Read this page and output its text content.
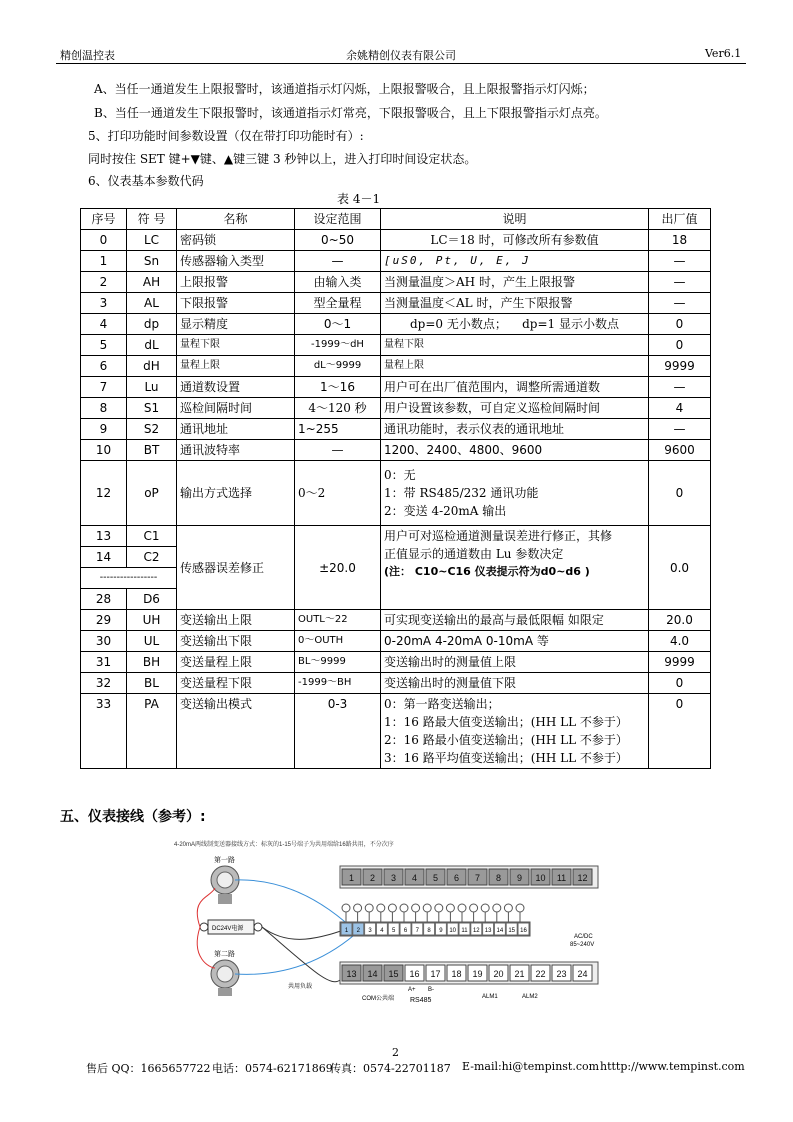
精创温控表	余姚精创仪表有限公司	Ver6.1
A、当任一通道发生上限报警时，该通道指示灯闪烁，上限报警吸合，且上限报警指示灯闪烁；
B、当任一通道发生下限报警时，该通道指示灯常亮，下限报警吸合，且上下限报警指示灯点亮。
5、打印功能时间参数设置（仅在带打印功能时有）:
同时按住 SET 键+▼键、▲键三键 3 秒钟以上，进入打印时间设定状态。
6、仪表基本参数代码
表 4－1
序号	符 号	名称	设定范围	说明	出厂值
0	LC	密码锁	0~50	LC＝18 时，可修改所有参数值	18
1	Sn	传感器输入类型	—	[uS0, Pt, U, E, J	—
2	AH	上限报警	由输入类	当测量温度＞AH 时，产生上限报警	—
3	AL	下限报警	型全量程	当测量温度＜AL 时，产生下限报警	—
4	dp	显示精度	0～1	dp=0 无小数点；    dp=1 显示小数点	0
5	dL	量程下限	-1999～dH	量程下限	0
6	dH	量程上限	dL～9999	量程上限	9999
7	Lu	通道数设置	1～16	用户可在出厂值范围内，调整所需通道数	—
8	S1	巡检间隔时间	4～120 秒	用户设置该参数，可自定义巡检间隔时间	4
9	S2	通讯地址	1~255	通讯功能时，表示仪表的通讯地址	—
10	BT	通讯波特率	—	1200、2400、4800、9600	9600
12	oP	输出方式选择	0～2	0：无
1：带 RS485/232 通讯功能
2：变送 4-20mA 输出	0
13	C1	传感器误差修正	±20.0	用户可对巡检通道测量误差进行修正，其修
正值显示的通道数由 Lu 参数决定
(注： C10~C16 仪表提示符为d0~d6 )	0.0
14	C2				
-----------------					
28	D6				
29	UH	变送输出上限	OUTL～22	可实现变送输出的最高与最低限幅 如限定	20.0
30	UL	变送输出下限	0～OUTH	0-20mA 4-20mA 0-10mA 等	4.0
31	BH	变送量程上限	BL～9999	变送输出时的测量值上限	9999
32	BL	变送量程下限	-1999～BH	变送输出时的测量值下限	0
33	PA	变送输出模式	0-3	0：第一路变送输出；
1：16 路最大值变送输出；(HH LL 不参于）
2：16 路最小值变送输出；(HH LL 不参于）
3：16 路平均值变送输出；(HH LL 不参于）	0
五、仪表接线（参考）:
4-20mA两线制变送器接线方式：标灰的1-15号端子为共用端给16路共用，不分次序
第一路
第二路
DC24V电源
1 2 3 4 5 6 7 8 9 10 11 12
1 2 3 4 5 6 7 8 9 10 11 12 13 14 15 16
13 14 15 16 17 18 19 20 21 22 23 24
AC/DC
85~240V
共用负载
COM公共端
A+ B-
RS485	ALM1	ALM2
2
售后 QQ：1665657722 电话：0574-62171869
传真：0574-22701187 E-mail:hi@tempinst.com htttp://www.tempinst.com
